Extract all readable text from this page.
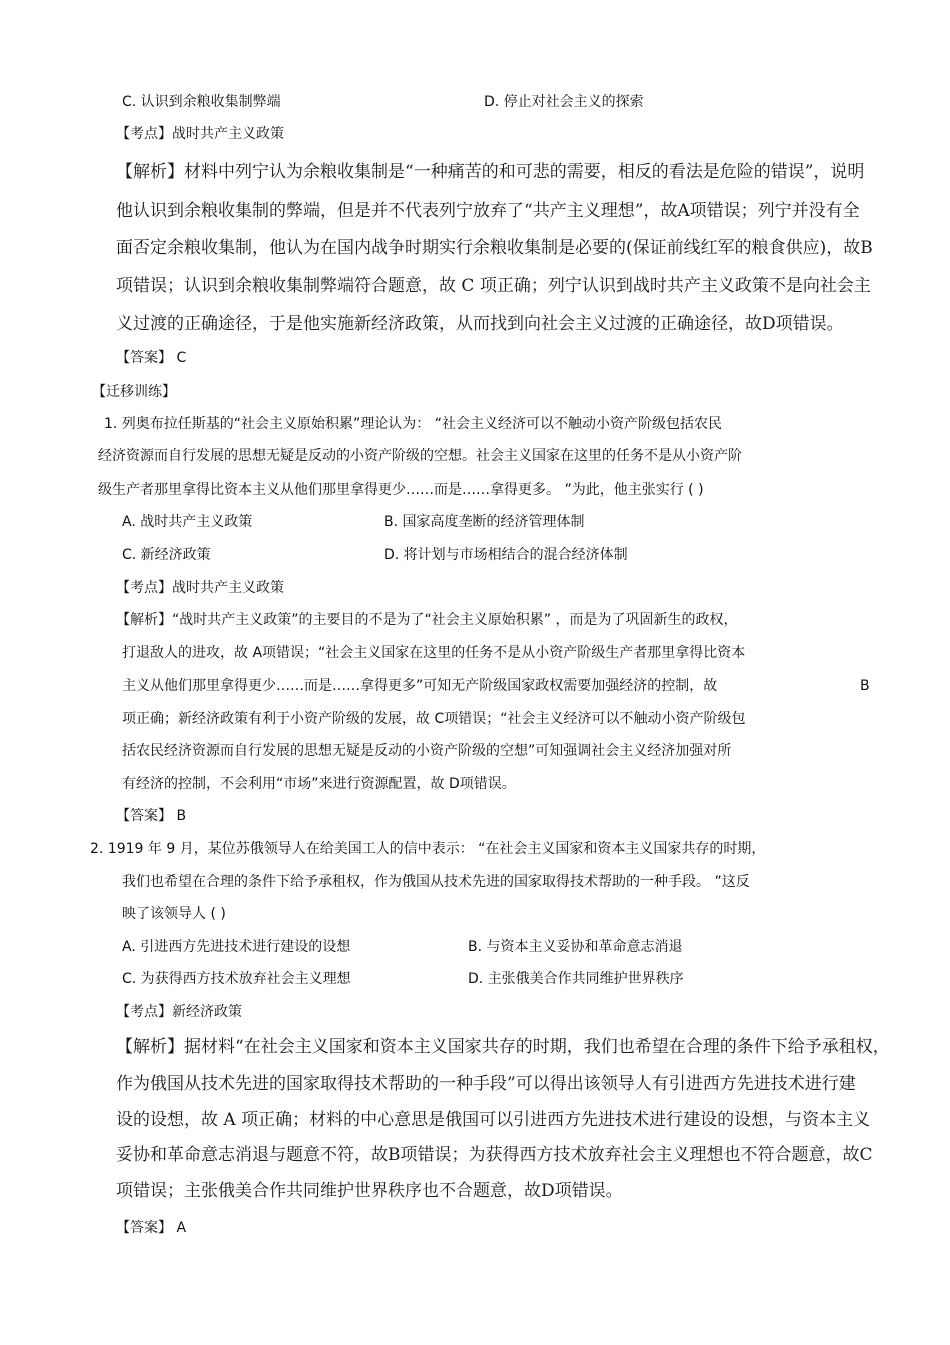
C. 认识到余粮收集制弊端	D. 停止对社会主义的探索
【考点】战时共产主义政策
【解析】材料中列宁认为余粮收集制是“一种痛苦的和可悲的需要，相反的看法是危险的错误”，说明
他认识到余粮收集制的弊端，但是并不代表列宁放弃了“共产主义理想”，故A项错误；列宁并没有全
面否定余粮收集制，他认为在国内战争时期实行余粮收集制是必要的(保证前线红军的粮食供应)，故B
项错误；认识到余粮收集制弊端符合题意，故 C 项正确；列宁认识到战时共产主义政策不是向社会主
义过渡的正确途径，于是他实施新经济政策，从而找到向社会主义过渡的正确途径，故D项错误。
【答案】 C
【迁移训练】
1. 列奥布拉任斯基的“社会主义原始积累”理论认为： “社会主义经济可以不触动小资产阶级包括农民
经济资源而自行发展的思想无疑是反动的小资产阶级的空想。社会主义国家在这里的任务不是从小资产阶
级生产者那里拿得比资本主义从他们那里拿得更少……而是……拿得更多。 ”为此，他主张实行 ( )
A. 战时共产主义政策	B. 国家高度垄断的经济管理体制
C. 新经济政策	D. 将计划与市场相结合的混合经济体制
【考点】战时共产主义政策
【解析】“战时共产主义政策”的主要目的不是为了“社会主义原始积累” ，而是为了巩固新生的政权，
打退敌人的进攻，故 A项错误；“社会主义国家在这里的任务不是从小资产阶级生产者那里拿得比资本
主义从他们那里拿得更少……而是……拿得更多”可知无产阶级国家政权需要加强经济的控制，故	B
项正确；新经济政策有利于小资产阶级的发展，故 C项错误；“社会主义经济可以不触动小资产阶级包
括农民经济资源而自行发展的思想无疑是反动的小资产阶级的空想”可知强调社会主义经济加强对所
有经济的控制，不会利用“市场”来进行资源配置，故 D项错误。
【答案】 B
2. 1919 年 9 月，某位苏俄领导人在给美国工人的信中表示： “在社会主义国家和资本主义国家共存的时期，
我们也希望在合理的条件下给予承租权，作为俄国从技术先进的国家取得技术帮助的一种手段。 ”这反
映了该领导人 ( )
A. 引进西方先进技术进行建设的设想	B. 与资本主义妥协和革命意志消退
C. 为获得西方技术放弃社会主义理想	D. 主张俄美合作共同维护世界秩序
【考点】新经济政策
【解析】据材料“在社会主义国家和资本主义国家共存的时期，我们也希望在合理的条件下给予承租权，
作为俄国从技术先进的国家取得技术帮助的一种手段”可以得出该领导人有引进西方先进技术进行建
设的设想，故 A 项正确；材料的中心意思是俄国可以引进西方先进技术进行建设的设想，与资本主义
妥协和革命意志消退与题意不符，故B项错误；为获得西方技术放弃社会主义理想也不符合题意，故C
项错误；主张俄美合作共同维护世界秩序也不合题意，故D项错误。
【答案】 A
